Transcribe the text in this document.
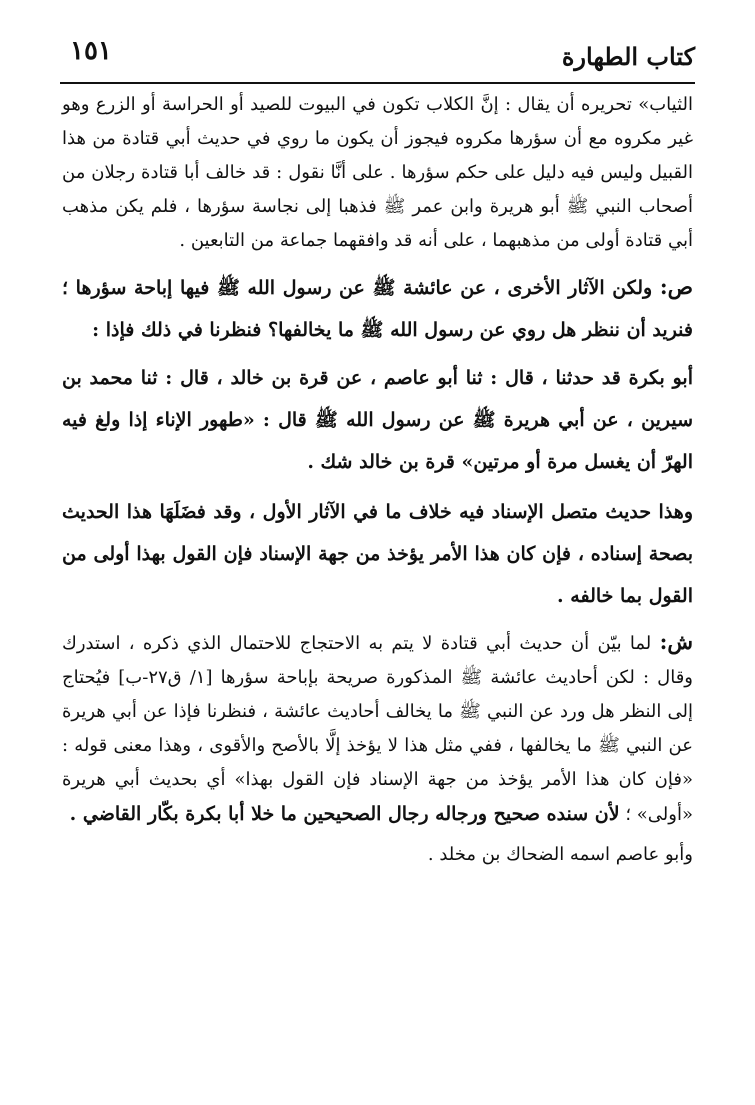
كتاب الطهارة
١٥١

الثياب» تحريره أن يقال : إنَّ الكلاب تكون في البيوت للصيد أو الحراسة أو الزرع وهو غير مكروه مع أن سؤرها مكروه فيجوز أن يكون ما روي في حديث أبي قتادة من هذا القبيل وليس فيه دليل على حكم سؤرها . على أنَّا نقول : قد خالف أبا قتادة رجلان من أصحاب النبي ﷺ أبو هريرة وابن عمر ﷺ فذهبا إلى نجاسة سؤرها ، فلم يكن مذهب أبي قتادة أولى من مذهبهما ، على أنه قد وافقهما جماعة من التابعين .

ص: ولكن الآثار الأخرى ، عن عائشة ﷺ عن رسول الله ﷺ فيها إباحة سؤرها ؛ فنريد أن ننظر هل روي عن رسول الله ﷺ ما يخالفها؟ فنظرنا في ذلك فإذا :

أبو بكرة قد حدثنا ، قال : ثنا أبو عاصم ، عن قرة بن خالد ، قال : ثنا محمد بن سيرين ، عن أبي هريرة ﷺ عن رسول الله ﷺ قال : «طهور الإناء إذا ولغ فيه الهرّ أن يغسل مرة أو مرتين» قرة بن خالد شك .

وهذا حديث متصل الإسناد فيه خلاف ما في الآثار الأول ، وقد فضَلَهَا هذا الحديث بصحة إسناده ، فإن كان هذا الأمر يؤخذ من جهة الإسناد فإن القول بهذا أولى من القول بما خالفه .

ش: لما بيّن أن حديث أبي قتادة لا يتم به الاحتجاج للاحتمال الذي ذكره ، استدرك وقال : لكن أحاديث عائشة ﷺ المذكورة صريحة بإباحة سؤرها [١/ ق٢٧-ب] فيُحتاج إلى النظر هل ورد عن النبي ﷺ ما يخالف أحاديث عائشة ، فنظرنا فإذا عن أبي هريرة عن النبي ﷺ ما يخالفها ، ففي مثل هذا لا يؤخذ إلَّا بالأصح والأقوى ، وهذا معنى قوله : «فإن كان هذا الأمر يؤخذ من جهة الإسناد فإن القول بهذا» أي بحديث أبي هريرة «أولى» ؛ لأن سنده صحيح ورجاله رجال الصحيحين ما خلا أبا بكرة بكّار القاضي .

وأبو عاصم اسمه الضحاك بن مخلد .
